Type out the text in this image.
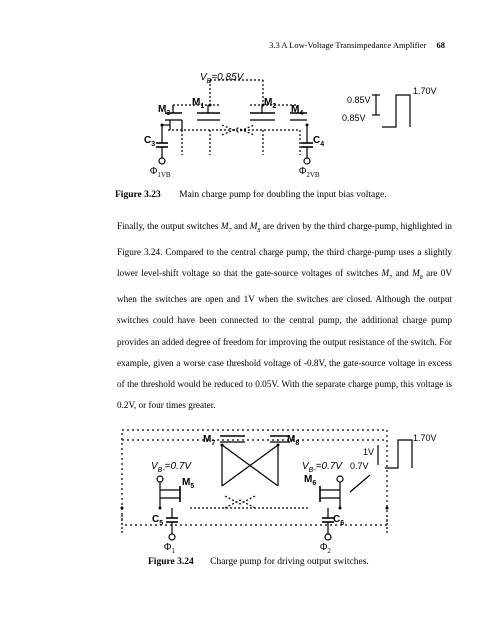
3.3 A Low-Voltage Transimpedance Amplifier 68
$V_B=0.85V$
$M_1$	$M_2$
$M_3$	$M_4$
$C_3$	$C_4$
$\Phi_{1VB}$	$\Phi_{2VB}$
0.85V
0.85V
1.70V
Figure 3.23 Main charge pump for doubling the input bias voltage.
Finally, the output switches $M_7$ and $M_8$ are driven by the third charge-pump, highlighted in Figure 3.24. Compared to the central charge pump, the third charge-pump uses a slightly lower level-shift voltage so that the gate-source voltages of switches $M_7$ and $M_8$ are 0V when the switches are open and 1V when the switches are closed. Although the output switches could have been connected to the central pump, the additional charge pump provides an added degree of freedom for improving the output resistance of the switch. For example, given a worse case threshold voltage of -0.8V, the gate-source voltage in excess of the threshold would be reduced to 0.05V. With the separate charge pump, this voltage is 0.2V, or four times greater.
$M_7$	$M_8$
$V_{B-}=0.7V$	$V_{B-}=0.7V$
$M_5$
$M_6$
$C_5$	$C_6$
$\Phi_1$	$\Phi_2$
1V
0.7V
1.70V
Figure 3.24 Charge pump for driving output switches.
